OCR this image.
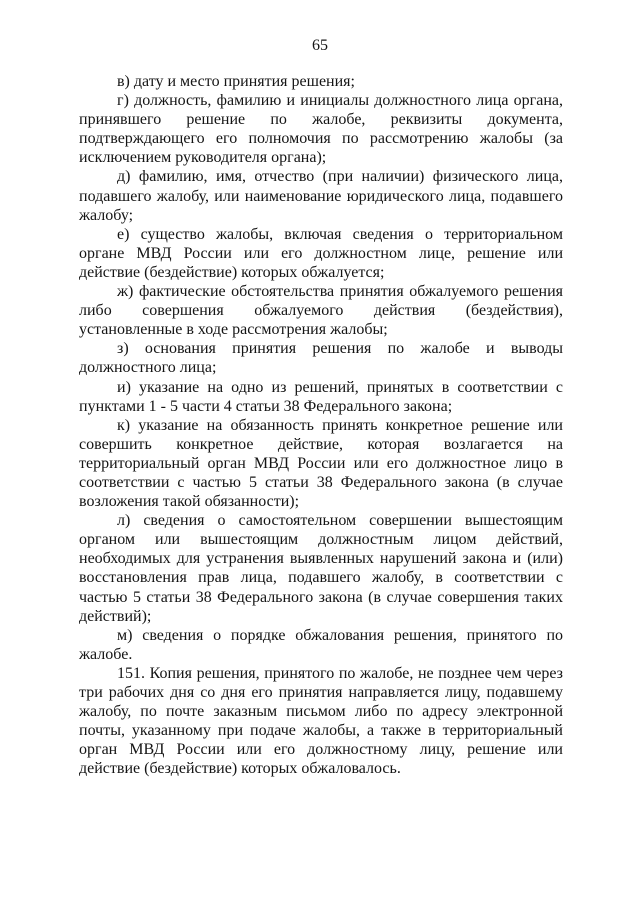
65

в) дату и место принятия решения;

г) должность, фамилию и инициалы должностного лица органа, принявшего решение по жалобе, реквизиты документа, подтверждающего его полномочия по рассмотрению жалобы (за исключением руководителя органа);

д) фамилию, имя, отчество (при наличии) физического лица, подавшего жалобу, или наименование юридического лица, подавшего жалобу;

е) существо жалобы, включая сведения о территориальном органе МВД России или его должностном лице, решение или действие (бездействие) которых обжалуется;

ж) фактические обстоятельства принятия обжалуемого решения либо совершения обжалуемого действия (бездействия), установленные в ходе рассмотрения жалобы;

з) основания принятия решения по жалобе и выводы должностного лица;

и) указание на одно из решений, принятых в соответствии с пунктами 1 - 5 части 4 статьи 38 Федерального закона;

к) указание на обязанность принять конкретное решение или совершить конкретное действие, которая возлагается на территориальный орган МВД России или его должностное лицо в соответствии с частью 5 статьи 38 Федерального закона (в случае возложения такой обязанности);

л) сведения о самостоятельном совершении вышестоящим органом или вышестоящим должностным лицом действий, необходимых для устранения выявленных нарушений закона и (или) восстановления прав лица, подавшего жалобу, в соответствии с частью 5 статьи 38 Федерального закона (в случае совершения таких действий);

м) сведения о порядке обжалования решения, принятого по жалобе.

151. Копия решения, принятого по жалобе, не позднее чем через три рабочих дня со дня его принятия направляется лицу, подавшему жалобу, по почте заказным письмом либо по адресу электронной почты, указанному при подаче жалобы, а также в территориальный орган МВД России или его должностному лицу, решение или действие (бездействие) которых обжаловалось.
